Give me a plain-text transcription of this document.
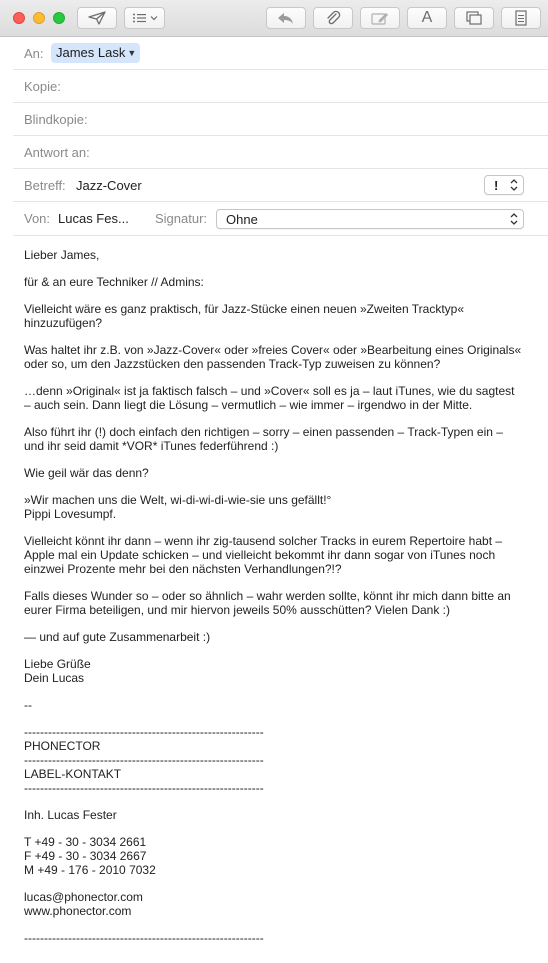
A
An: James Lask ▼
Kopie:
Blindkopie:
Antwort an:
Betreff: Jazz-Cover	!
Von: Lucas Fes... Signatur: Ohne

Lieber James,

für & an eure Techniker // Admins:

Vielleicht wäre es ganz praktisch, für Jazz-Stücke einen neuen »Zweiten Tracktyp«

hinzuzufügen?

Was haltet ihr z.B. von »Jazz-Cover« oder »freies Cover« oder »Bearbeitung eines Originals«

oder so, um den Jazzstücken den passenden Track-Typ zuweisen zu können?

…denn »Original« ist ja faktisch falsch – und »Cover« soll es ja – laut iTunes, wie du sagtest

– auch sein. Dann liegt die Lösung – vermutlich – wie immer – irgendwo in der Mitte.

Also führt ihr (!) doch einfach den richtigen – sorry – einen passenden – Track-Typen ein –

und ihr seid damit *VOR* iTunes federführend :)

Wie geil wär das denn?

»Wir machen uns die Welt, wi-di-wi-di-wie-sie uns gefällt!°

Pippi Lovesumpf.

Vielleicht könnt ihr dann – wenn ihr zig-tausend solcher Tracks in eurem Repertoire habt –

Apple mal ein Update schicken – und vielleicht bekommt ihr dann sogar von iTunes noch

einzwei Prozente mehr bei den nächsten Verhandlungen?!?

Falls dieses Wunder so – oder so ähnlich – wahr werden sollte, könnt ihr mich dann bitte an

eurer Firma beteiligen, und mir hiervon jeweils 50% ausschütten? Vielen Dank :)

— und auf gute Zusammenarbeit :)

Liebe Grüße

Dein Lucas

--

------------------------------------------------------------

PHONECTOR

------------------------------------------------------------

LABEL-KONTAKT

------------------------------------------------------------

Inh. Lucas Fester

T +49 - 30 - 3034 2661

F +49 - 30 - 3034 2667

M +49 - 176 - 2010 7032

lucas@phonector.com

www.phonector.com

------------------------------------------------------------
